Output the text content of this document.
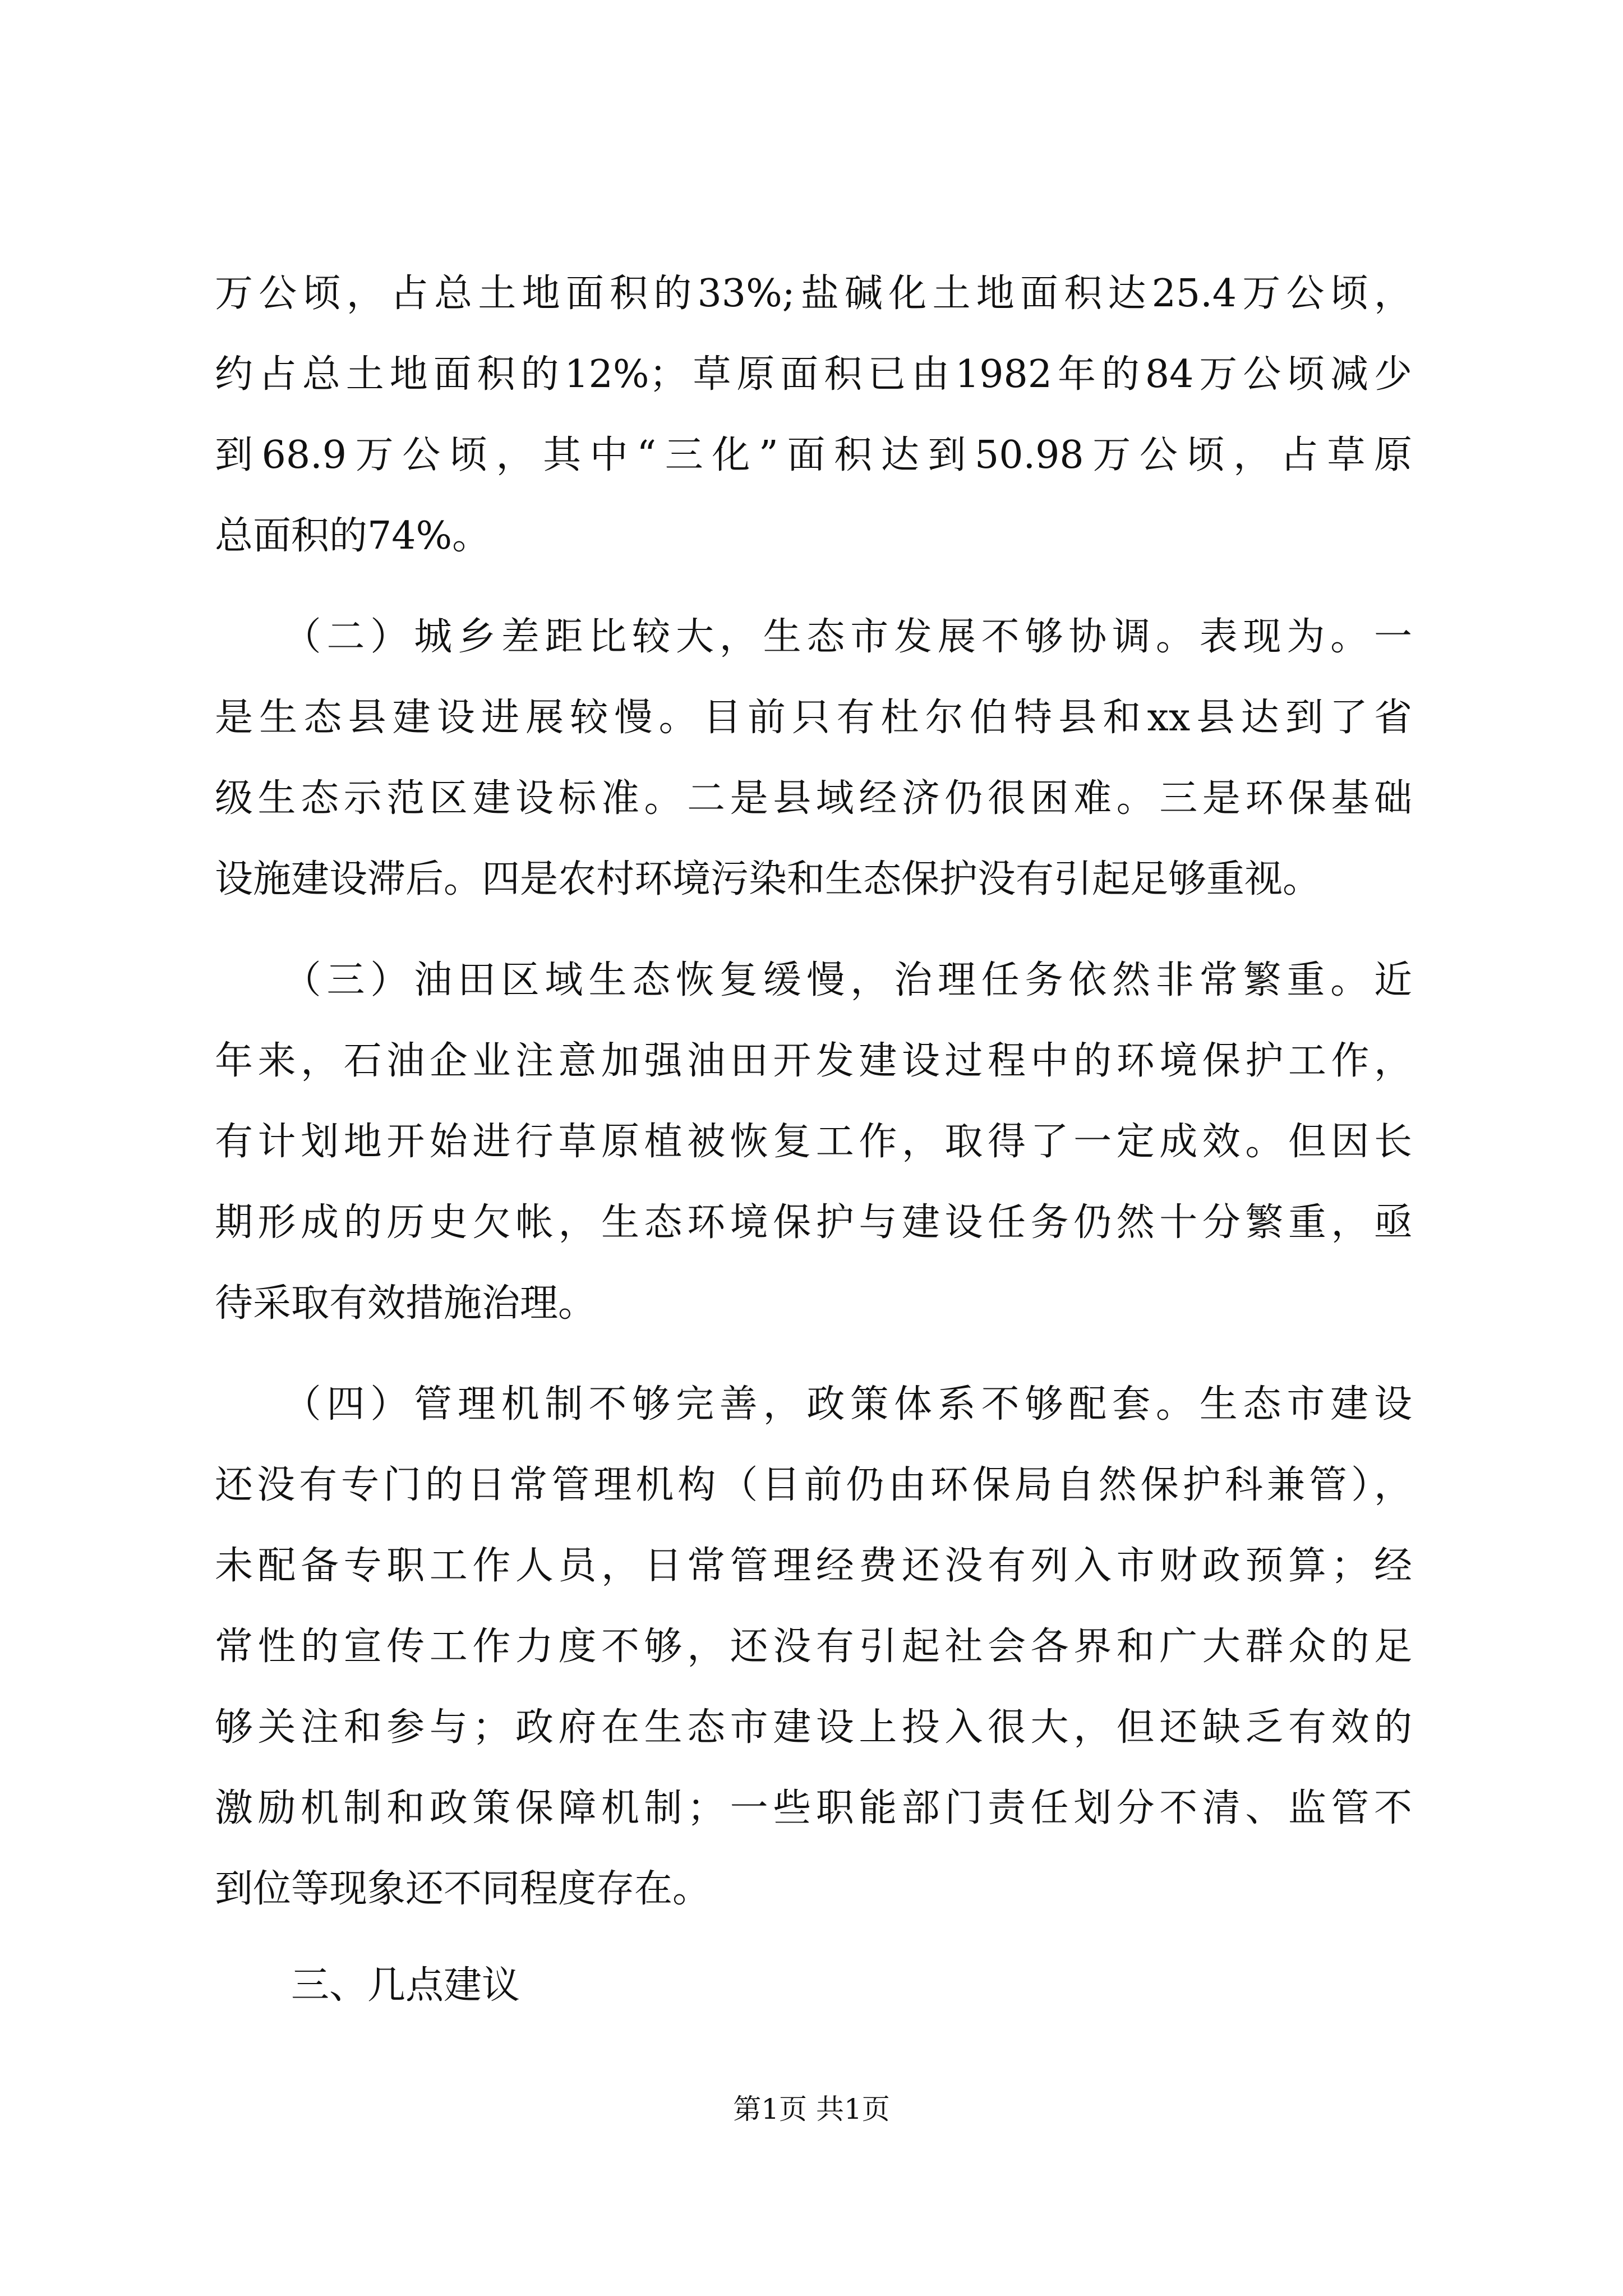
万公顷，占总土地面积的33%;盐碱化土地面积达25.4万公顷，
约占总土地面积的12%；草原面积已由1982年的84万公顷减少
到68.9万公顷，其中“三化”面积达到50.98万公顷，占草原
总面积的74%。
　　（二）城乡差距比较大，生态市发展不够协调。表现为。一
是生态县建设进展较慢。目前只有杜尔伯特县和xx县达到了省
级生态示范区建设标准。二是县域经济仍很困难。三是环保基础
设施建设滞后。四是农村环境污染和生态保护没有引起足够重视。
　　（三）油田区域生态恢复缓慢，治理任务依然非常繁重。近
年来，石油企业注意加强油田开发建设过程中的环境保护工作，
有计划地开始进行草原植被恢复工作，取得了一定成效。但因长
期形成的历史欠帐，生态环境保护与建设任务仍然十分繁重，亟
待采取有效措施治理。
　　（四）管理机制不够完善，政策体系不够配套。生态市建设
还没有专门的日常管理机构（目前仍由环保局自然保护科兼管），
未配备专职工作人员，日常管理经费还没有列入市财政预算；经
常性的宣传工作力度不够，还没有引起社会各界和广大群众的足
够关注和参与；政府在生态市建设上投入很大，但还缺乏有效的
激励机制和政策保障机制；一些职能部门责任划分不清、监管不
到位等现象还不同程度存在。
　　三、几点建议
第1页 共1页
